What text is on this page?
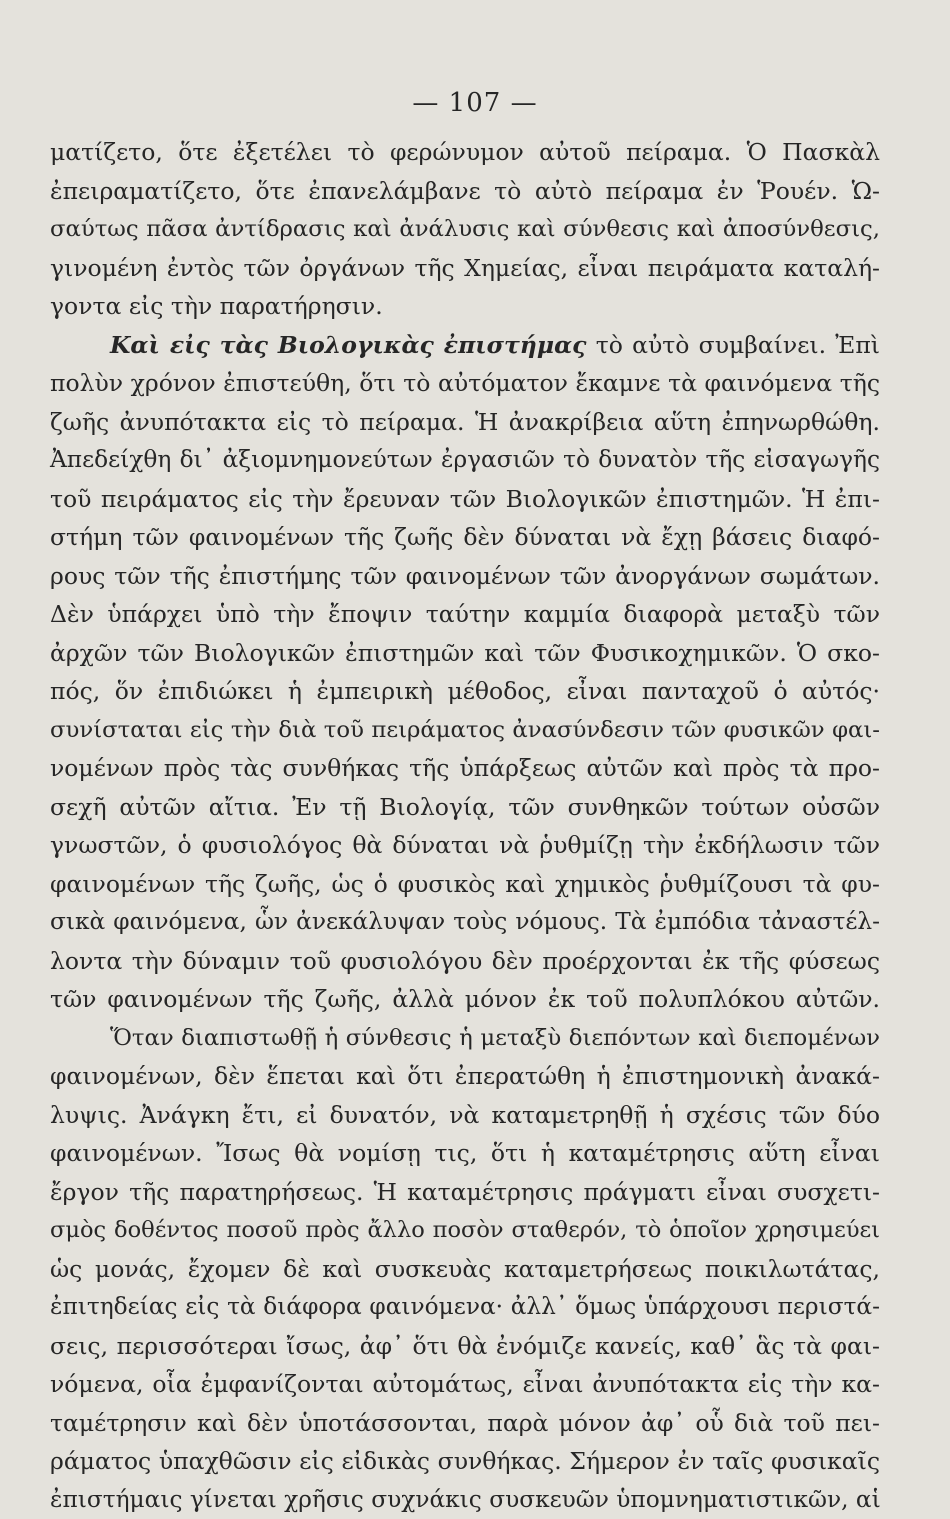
— 107 —
ματίζετο, ὅτε ἐξετέλει τὸ φερώνυμον αὐτοῦ πείραμα. Ὁ Πασκὰλ
ἐπειραματίζετο, ὅτε ἐπανελάμβανε τὸ αὐτὸ πείραμα ἐν Ῥουέν. Ὡ-
σαύτως πᾶσα ἀντίδρασις καὶ ἀνάλυσις καὶ σύνθεσις καὶ ἀποσύνθεσις,
γινομένη ἐντὸς τῶν ὀργάνων τῆς Χημείας, εἶναι πειράματα καταλή-
γοντα εἰς τὴν παρατήρησιν.
Καὶ εἰς τὰς Βιολογικὰς ἐπιστήμας τὸ αὐτὸ συμβαίνει. Ἐπὶ
πολὺν χρόνον ἐπιστεύθη, ὅτι τὸ αὐτόματον ἔκαμνε τὰ φαινόμενα τῆς
ζωῆς ἀνυπότακτα εἰς τὸ πείραμα. Ἡ ἀνακρίβεια αὕτη ἐπηνωρθώθη.
Ἀπεδείχθη δι᾽ ἀξιομνημονεύτων ἐργασιῶν τὸ δυνατὸν τῆς εἰσαγωγῆς
τοῦ πειράματος εἰς τὴν ἔρευναν τῶν Βιολογικῶν ἐπιστημῶν. Ἡ ἐπι-
στήμη τῶν φαινομένων τῆς ζωῆς δὲν δύναται νὰ ἔχῃ βάσεις διαφό-
ρους τῶν τῆς ἐπιστήμης τῶν φαινομένων τῶν ἀνοργάνων σωμάτων.
Δὲν ὑπάρχει ὑπὸ τὴν ἔποψιν ταύτην καμμία διαφορὰ μεταξὺ τῶν
ἀρχῶν τῶν Βιολογικῶν ἐπιστημῶν καὶ τῶν Φυσικοχημικῶν. Ὁ σκο-
πός, ὅν ἐπιδιώκει ἡ ἐμπειρικὴ μέθοδος, εἶναι πανταχοῦ ὁ αὐτός·
συνίσταται εἰς τὴν διὰ τοῦ πειράματος ἀνασύνδεσιν τῶν φυσικῶν φαι-
νομένων πρὸς τὰς συνθήκας τῆς ὑπάρξεως αὐτῶν καὶ πρὸς τὰ προ-
σεχῆ αὐτῶν αἴτια. Ἐν τῇ Βιολογίᾳ, τῶν συνθηκῶν τούτων οὐσῶν
γνωστῶν, ὁ φυσιολόγος θὰ δύναται νὰ ῥυθμίζῃ τὴν ἐκδήλωσιν τῶν
φαινομένων τῆς ζωῆς, ὡς ὁ φυσικὸς καὶ χημικὸς ῥυθμίζουσι τὰ φυ-
σικὰ φαινόμενα, ὧν ἀνεκάλυψαν τοὺς νόμους. Τὰ ἐμπόδια τἀναστέλ-
λοντα τὴν δύναμιν τοῦ φυσιολόγου δὲν προέρχονται ἐκ τῆς φύσεως
τῶν φαινομένων τῆς ζωῆς, ἀλλὰ μόνον ἐκ τοῦ πολυπλόκου αὐτῶν.
Ὅταν διαπιστωθῇ ἡ σύνθεσις ἡ μεταξὺ διεπόντων καὶ διεπομένων
φαινομένων, δὲν ἕπεται καὶ ὅτι ἐπερατώθη ἡ ἐπιστημονικὴ ἀνακά-
λυψις. Ἀνάγκη ἔτι, εἰ δυνατόν, νὰ καταμετρηθῇ ἡ σχέσις τῶν δύο
φαινομένων. Ἴσως θὰ νομίσῃ τις, ὅτι ἡ καταμέτρησις αὕτη εἶναι
ἔργον τῆς παρατηρήσεως. Ἡ καταμέτρησις πράγματι εἶναι συσχετι-
σμὸς δοθέντος ποσοῦ πρὸς ἄλλο ποσὸν σταθερόν, τὸ ὁποῖον χρησιμεύει
ὡς μονάς, ἔχομεν δὲ καὶ συσκευὰς καταμετρήσεως ποικιλωτάτας,
ἐπιτηδείας εἰς τὰ διάφορα φαινόμενα· ἀλλ᾽ ὅμως ὑπάρχουσι περιστά-
σεις, περισσότεραι ἴσως, ἀφ᾽ ὅτι θὰ ἐνόμιζε κανείς, καθ᾽ ἃς τὰ φαι-
νόμενα, οἷα ἐμφανίζονται αὐτομάτως, εἶναι ἀνυπότακτα εἰς τὴν κα-
ταμέτρησιν καὶ δὲν ὑποτάσσονται, παρὰ μόνον ἀφ᾽ οὗ διὰ τοῦ πει-
ράματος ὑπαχθῶσιν εἰς εἰδικὰς συνθήκας. Σήμερον ἐν ταῖς φυσικαῖς
ἐπιστήμαις γίνεται χρῆσις συχνάκις συσκευῶν ὑπομνηματιστικῶν, αἱ
